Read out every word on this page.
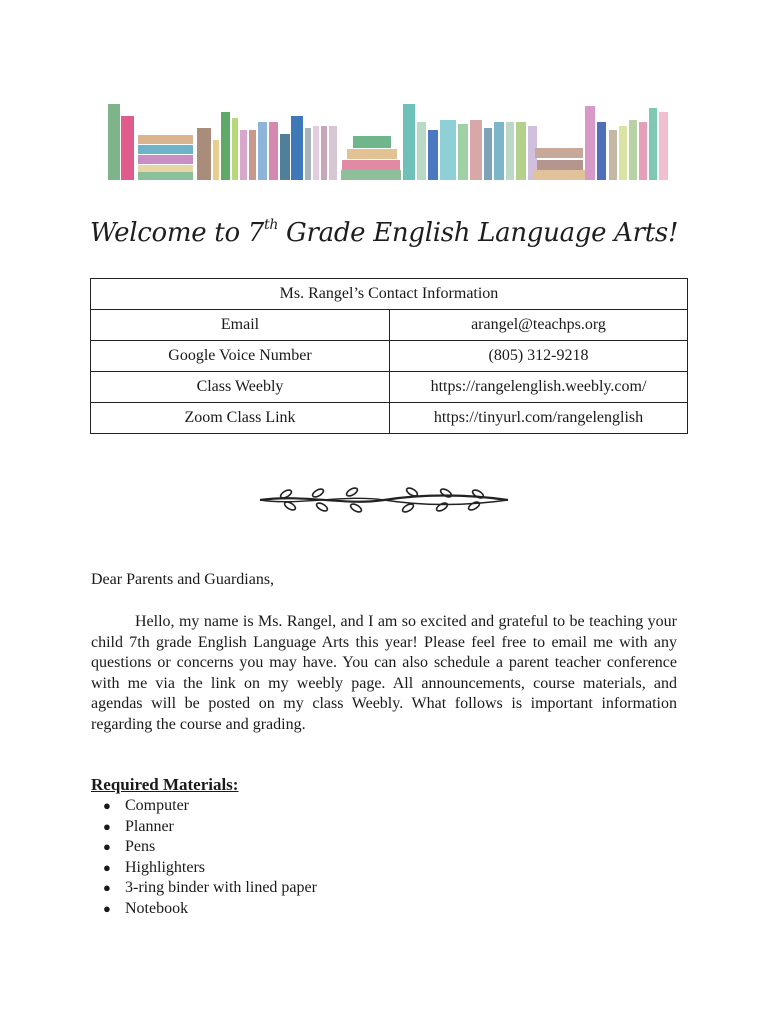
Welcome to 7th Grade English Language Arts!
Ms. Rangel’s Contact Information	
Email	arangel@teachps.org
Google Voice Number	(805) 312-9218
Class Weebly	https://rangelenglish.weebly.com/
Zoom Class Link	https://tinyurl.com/rangelenglish
Dear Parents and Guardians,
Hello, my name is Ms. Rangel, and I am so excited and grateful to be teaching your child 7th grade English Language Arts this year! Please feel free to email me with any questions or concerns you may have. You can also schedule a parent teacher conference with me via the link on my weebly page. All announcements, course materials, and agendas will be posted on my class Weebly. What follows is important information regarding the course and grading.
Required Materials:
● Computer
● Planner
● Pens
● Highlighters
● 3-ring binder with lined paper
● Notebook
